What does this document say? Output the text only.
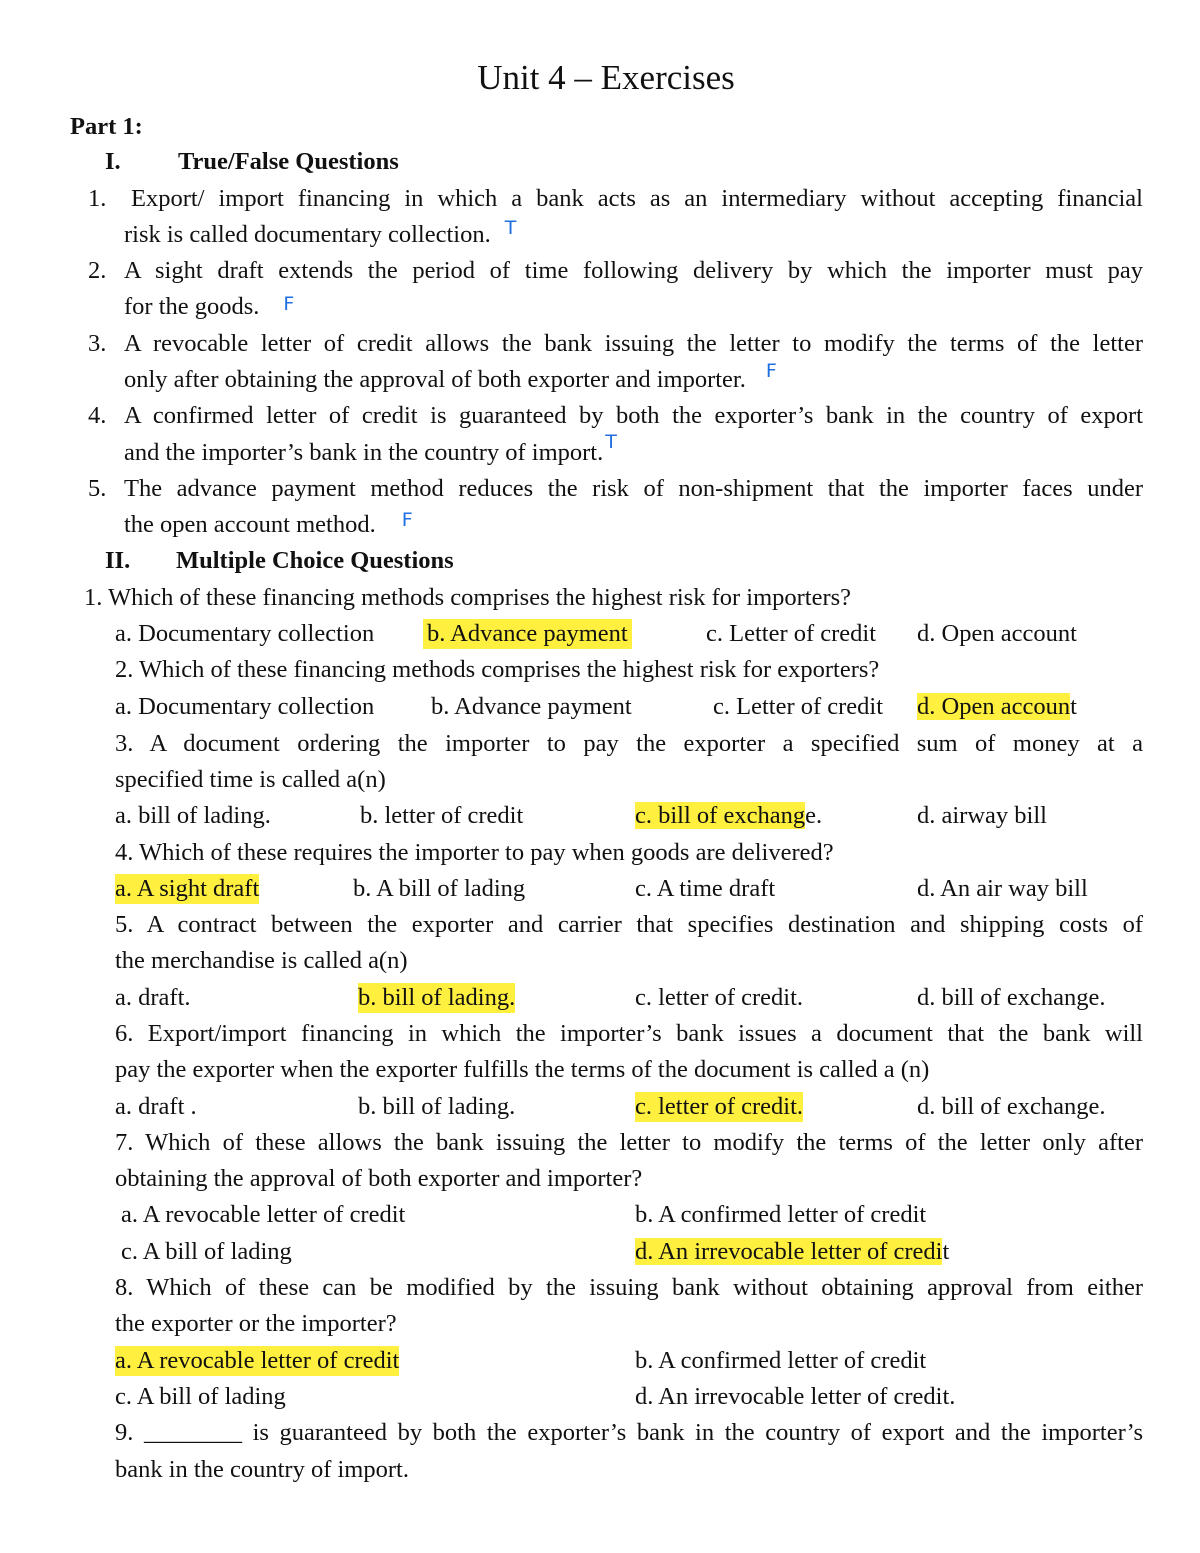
Unit 4 – Exercises
Part 1:
I. True/False Questions
1. Export/ import financing in which a bank acts as an intermediary without accepting financial
risk is called documentary collection. $^T$
2. A sight draft extends the period of time following delivery by which the importer must pay
for the goods. F
3. A revocable letter of credit allows the bank issuing the letter to modify the terms of the letter
only after obtaining the approval of both exporter and importer. $^F$
4. A confirmed letter of credit is guaranteed by both the exporter’s bank in the country of export
and the importer’s bank in the country of import. $^T$
5. The advance payment method reduces the risk of non-shipment that the importer faces under
the open account method. $^F$
II. Multiple Choice Questions
1. Which of these financing methods comprises the highest risk for importers?
a. Documentary collection b. Advance payment	c. Letter of credit d. Open account
2. Which of these financing methods comprises the highest risk for exporters?
a. Documentary collection b. Advance payment	c. Letter of credit d. Open account
3. A document ordering the importer to pay the exporter a specified sum of money at a
specified time is called a(n)
a. bill of lading.	b. letter of credit	c. bill of exchange.	d. airway bill
4. Which of these requires the importer to pay when goods are delivered?
a. A sight draft	b. A bill of lading	c. A time draft	d. An air way bill
5. A contract between the exporter and carrier that specifies destination and shipping costs of
the merchandise is called a(n)
a. draft.	b. bill of lading.	c. letter of credit.	d. bill of exchange.
6. Export/import financing in which the importer’s bank issues a document that the bank will
pay the exporter when the exporter fulfills the terms of the document is called a (n)
a. draft .	b. bill of lading.	c. letter of credit.	d. bill of exchange.
7. Which of these allows the bank issuing the letter to modify the terms of the letter only after
obtaining the approval of both exporter and importer?
a. A revocable letter of credit	b. A confirmed letter of credit
c. A bill of lading	d. An irrevocable letter of credit
8. Which of these can be modified by the issuing bank without obtaining approval from either
the exporter or the importer?
a. A revocable letter of credit	b. A confirmed letter of credit
c. A bill of lading	d. An irrevocable letter of credit.
9. ________ is guaranteed by both the exporter’s bank in the country of export and the importer’s
bank in the country of import.
